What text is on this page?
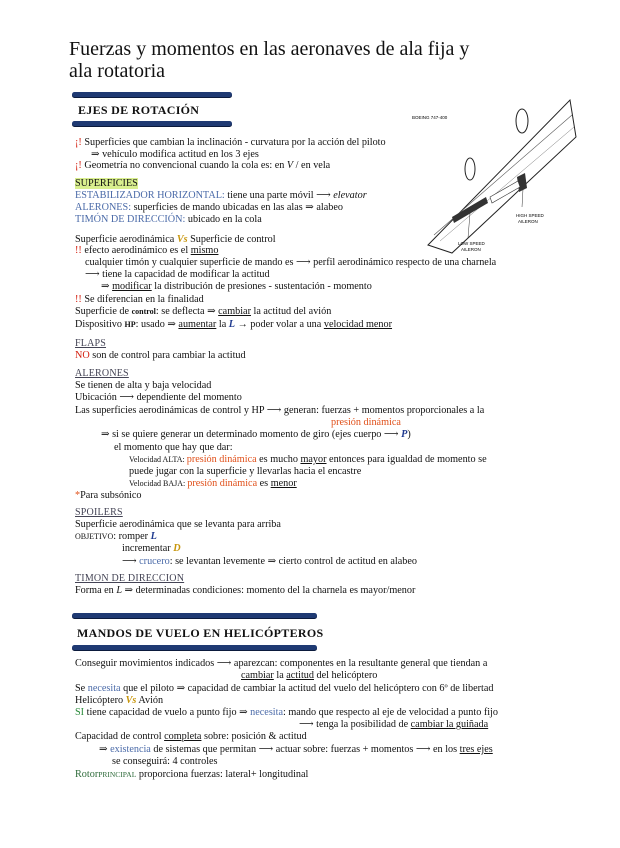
Fuerzas y momentos en las aeronaves de ala fija y
ala rotatoria
EJES DE ROTACIÓN
BOEING 747-400
HIGH SPEED
AILERON
LOW SPEED
AILERON
¡! Superficies que cambian la inclinación - curvatura por la acción del piloto
⇒ vehículo modifica actitud en los 3 ejes
¡! Geometría no convencional cuando la cola es: en V / en vela
SUPERFICIES
ESTABILIZADOR HORIZONTAL: tiene una parte móvil ⟶ elevator
ALERONES: superficies de mando ubicadas en las alas ⇒ alabeo
TIMÓN DE DIRECCIÓN: ubicado en la cola
Superficie aerodinámica Vs Superficie de control
!! efecto aerodinámico es el mismo
cualquier timón y cualquier superficie de mando es ⟶ perfil aerodinámico respecto de una charnela
⟶ tiene la capacidad de modificar la actitud
⇒ modificar la distribución de presiones - sustentación - momento
!! Se diferencian en la finalidad
Superficie de control: se deflecta ⇒ cambiar la actitud del avión
Dispositivo HP: usado ⇒ aumentar la L → poder volar a una velocidad menor
FLAPS
NO son de control para cambiar la actitud
ALERONES
Se tienen de alta y baja velocidad
Ubicación ⟶ dependiente del momento
Las superficies aerodinámicas de control y HP ⟶ generan: fuerzas + momentos proporcionales a la
presión dinámica
⇒ si se quiere generar un determinado momento de giro (ejes cuerpo ⟶ P)
el momento que hay que dar:
Velocidad ALTA: presión dinámica es mucho mayor entonces para igualdad de momento se
puede jugar con la superficie y llevarlas hacia el encastre
Velocidad BAJA: presión dinámica es menor
*Para subsónico
SPOILERS
Superficie aerodinámica que se levanta para arriba
OBJETIVO: romper L
incrementar D
⟶ crucero: se levantan levemente ⇒ cierto control de actitud en alabeo
TIMON DE DIRECCION
Forma en L ⇒ determinadas condiciones: momento del la charnela es mayor/menor
MANDOS DE VUELO EN HELICÓPTEROS
Conseguir movimientos indicados ⟶ aparezcan: componentes en la resultante general que tiendan a
cambiar la actitud del helicóptero
Se necesita que el piloto ⇒ capacidad de cambiar la actitud del vuelo del helicóptero con 6º de libertad
Helicóptero Vs Avión
SI tiene capacidad de vuelo a punto fijo ⇒ necesita: mando que respecto al eje de velocidad a punto fijo
⟶ tenga la posibilidad de cambiar la guiñada
Capacidad de control completa sobre: posición & actitud
⇒ existencia de sistemas que permitan ⟶ actuar sobre: fuerzas + momentos ⟶ en los tres ejes
se conseguirá: 4 controles
RotorPRINCIPAL proporciona fuerzas: lateral+ longitudinal
